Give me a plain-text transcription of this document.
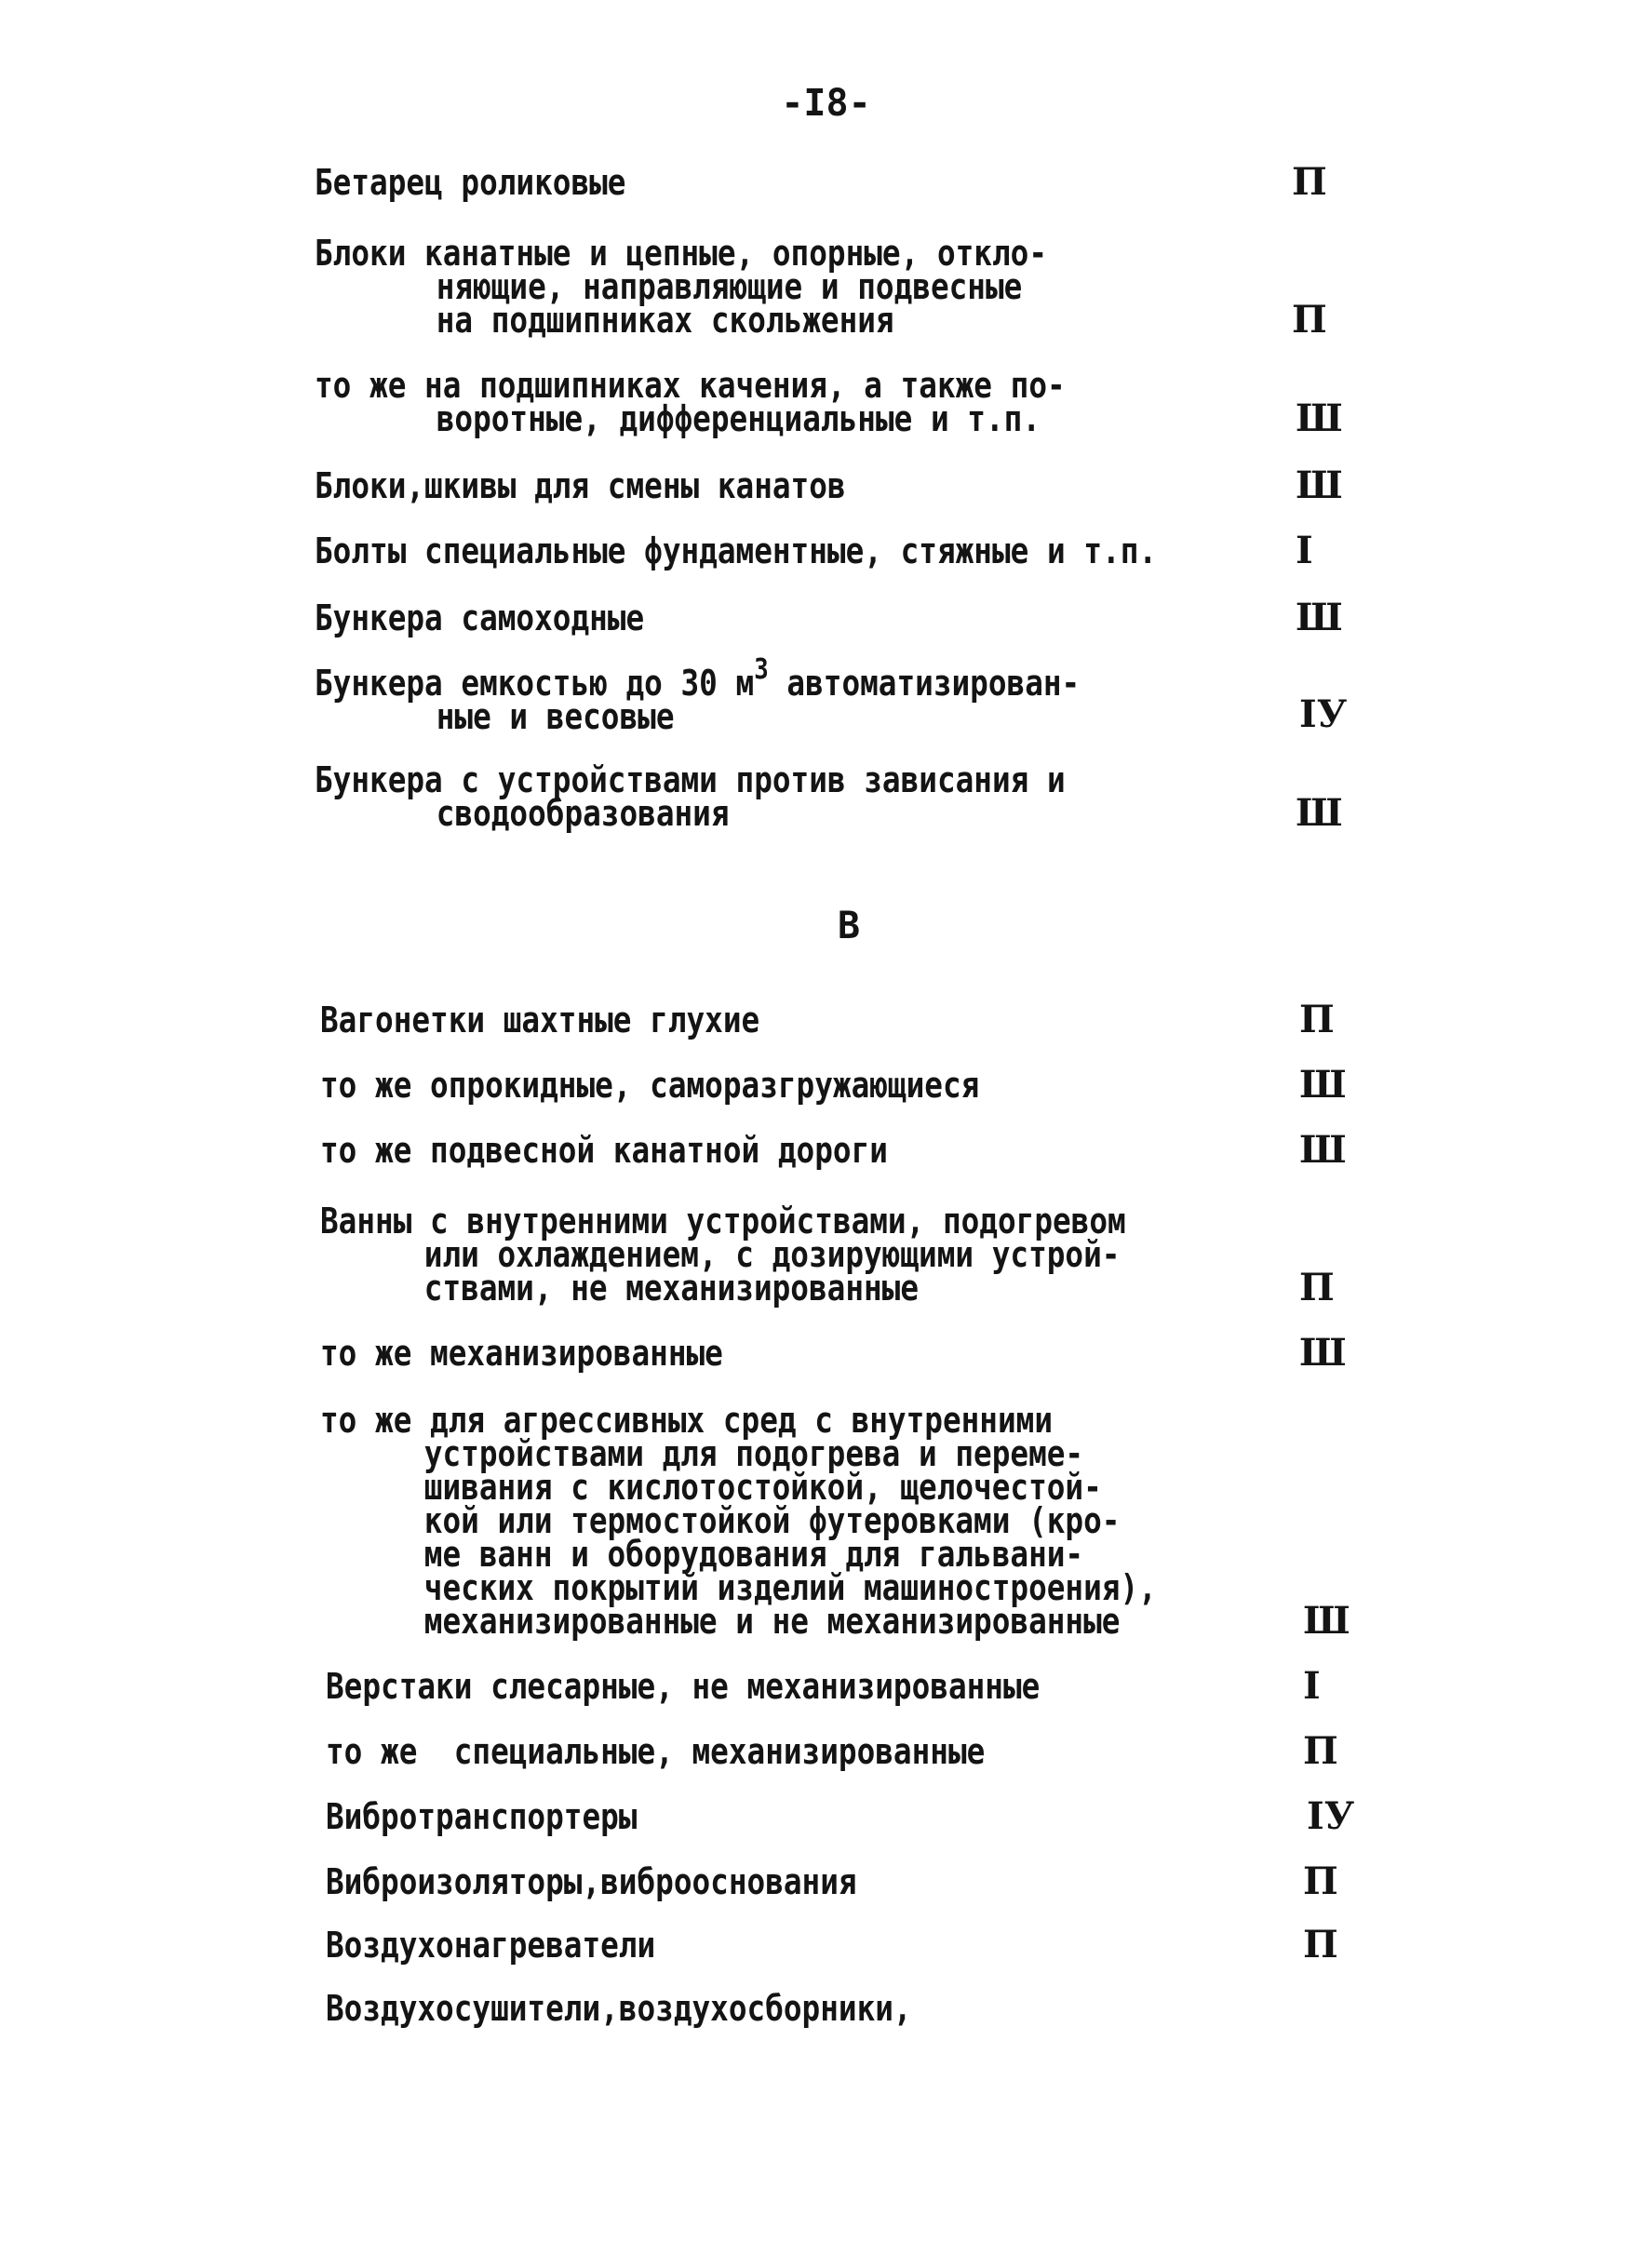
-I8-
Бетарец роликовые	П
Блоки канатные и цепные, опорные, откло-
няющие, направляющие и подвесные
на подшипниках скольжения	П
то же на подшипниках качения, а также по-
воротные, дифференциальные и т.п.	Ш
Блоки,шкивы для смены канатов	Ш
Болты специальные фундаментные, стяжные и т.п.	I
Бункера самоходные	Ш
Бункера емкостью до 30 $м^3$ автоматизирован-
ные и весовые	IУ
Бункера с устройствами против зависания и
сводообразования	Ш
В
Вагонетки шахтные глухие	П
то же опрокидные, саморазгружающиеся	Ш
то же подвесной канатной дороги	Ш
Ванны с внутренними устройствами, подогревом
или охлаждением, с дозирующими устрой-
ствами, не механизированные	П
то же механизированные	Ш
то же для агрессивных сред с внутренними
устройствами для подогрева и переме-
шивания с кислотостойкой, щелочестой-
кой или термостойкой футеровками (кро-
ме ванн и оборудования для гальвани-
ческих покрытий изделий машиностроения),
механизированные и не механизированные	Ш
Верстаки слесарные, не механизированные	I
то же  специальные, механизированные	П
Вибротранспортеры	IУ
Виброизоляторы,виброоснования	П
Воздухонагреватели	П
Воздухосушители,воздухосборники,
